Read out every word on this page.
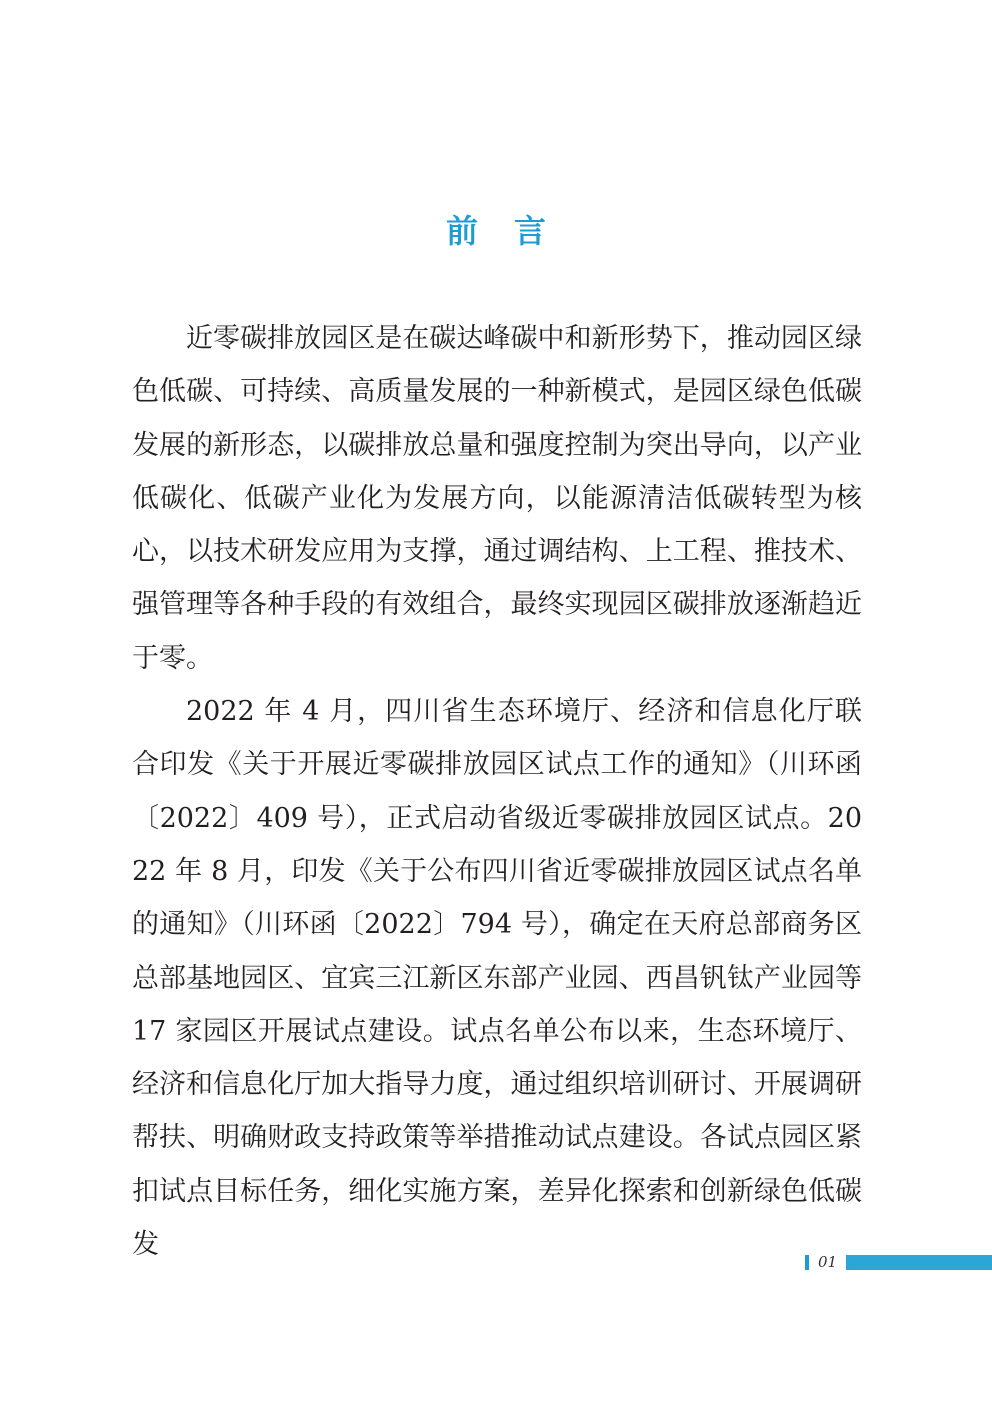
前言

近零碳排放园区是在碳达峰碳中和新形势下，推动园区绿色低碳、可持续、高质量发展的一种新模式，是园区绿色低碳发展的新形态，以碳排放总量和强度控制为突出导向，以产业低碳化、低碳产业化为发展方向，以能源清洁低碳转型为核心，以技术研发应用为支撑，通过调结构、上工程、推技术、强管理等各种手段的有效组合，最终实现园区碳排放逐渐趋近于零。

2022 年 4 月，四川省生态环境厅、经济和信息化厅联合印发《关于开展近零碳排放园区试点工作的通知》（川环函〔2022〕409 号），正式启动省级近零碳排放园区试点。2022 年 8 月，印发《关于公布四川省近零碳排放园区试点名单的通知》（川环函〔2022〕794 号），确定在天府总部商务区总部基地园区、宜宾三江新区东部产业园、西昌钒钛产业园等 17 家园区开展试点建设。试点名单公布以来，生态环境厅、经济和信息化厅加大指导力度，通过组织培训研讨、开展调研帮扶、明确财政支持政策等举措推动试点建设。各试点园区紧扣试点目标任务，细化实施方案，差异化探索和创新绿色低碳发

01
